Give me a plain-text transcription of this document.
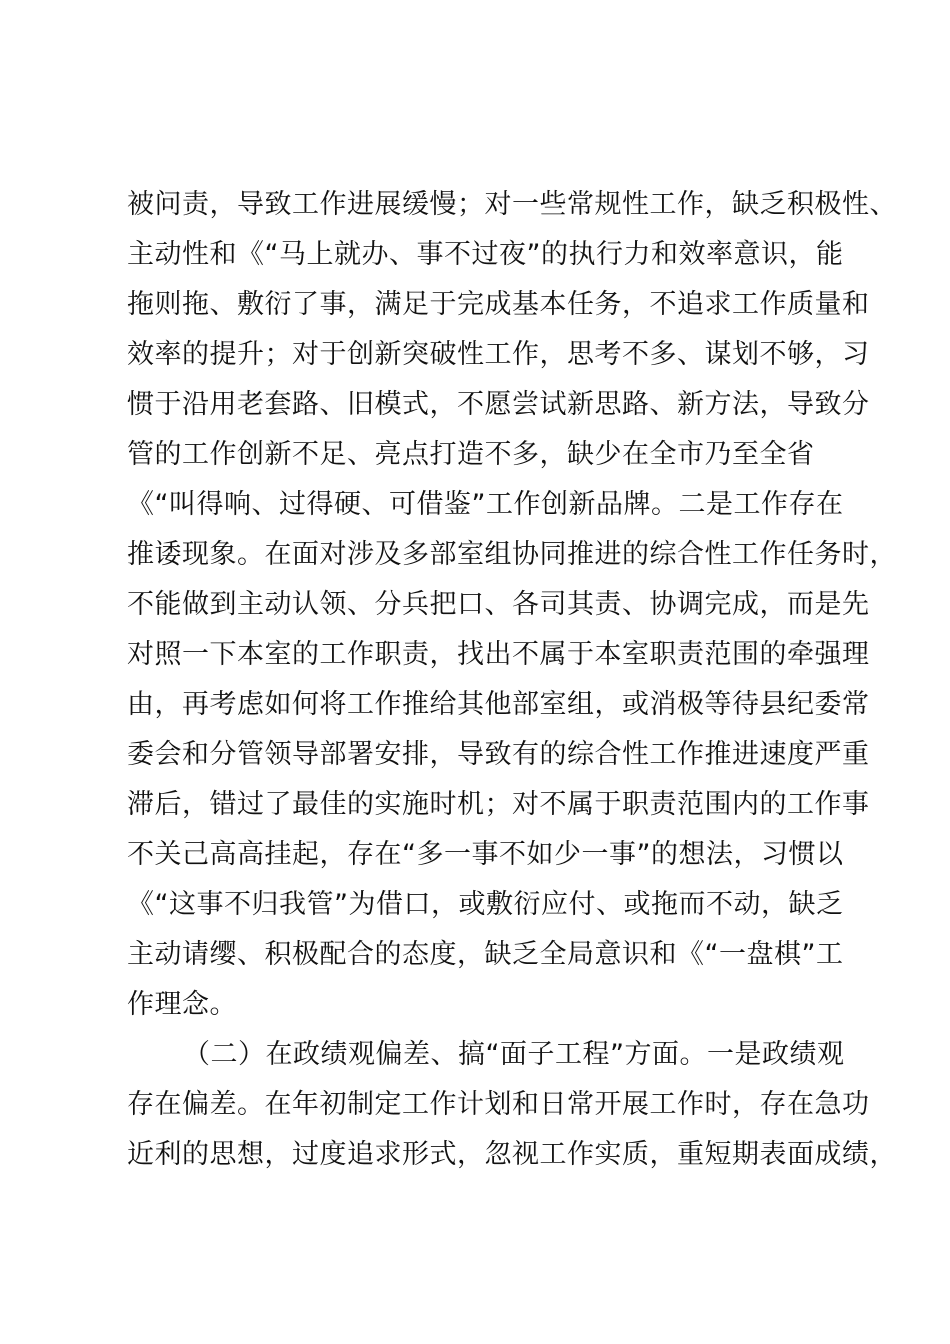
被问责，导致工作进展缓慢；对一些常规性工作，缺乏积极性、
主动性和《“马上就办、事不过夜”的执行力和效率意识，能
拖则拖、敷衍了事，满足于完成基本任务，不追求工作质量和
效率的提升；对于创新突破性工作，思考不多、谋划不够，习
惯于沿用老套路、旧模式，不愿尝试新思路、新方法，导致分
管的工作创新不足、亮点打造不多，缺少在全市乃至全省
《“叫得响、过得硬、可借鉴”工作创新品牌。二是工作存在
推诿现象。在面对涉及多部室组协同推进的综合性工作任务时，
不能做到主动认领、分兵把口、各司其责、协调完成，而是先
对照一下本室的工作职责，找出不属于本室职责范围的牵强理
由，再考虑如何将工作推给其他部室组，或消极等待县纪委常
委会和分管领导部署安排，导致有的综合性工作推进速度严重
滞后，错过了最佳的实施时机；对不属于职责范围内的工作事
不关己高高挂起，存在“多一事不如少一事”的想法，习惯以
《“这事不归我管”为借口，或敷衍应付、或拖而不动，缺乏
主动请缨、积极配合的态度，缺乏全局意识和《“一盘棋”工
作理念。
（二）在政绩观偏差、搞“面子工程”方面。一是政绩观
存在偏差。在年初制定工作计划和日常开展工作时，存在急功
近利的思想，过度追求形式，忽视工作实质，重短期表面成绩，
